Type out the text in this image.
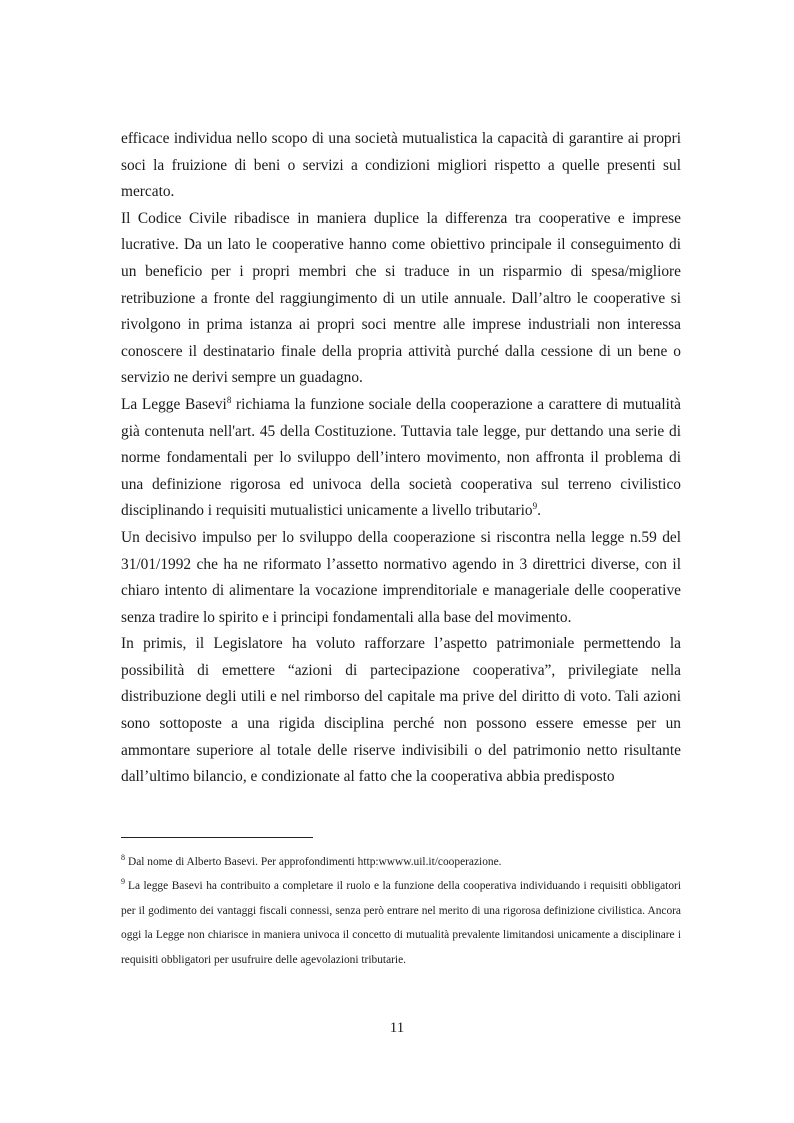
efficace individua nello scopo di una società mutualistica la capacità di garantire ai propri soci la fruizione di beni o servizi a condizioni migliori rispetto a quelle presenti sul mercato.

Il Codice Civile ribadisce in maniera duplice la differenza tra cooperative e imprese lucrative. Da un lato le cooperative hanno come obiettivo principale il conseguimento di un beneficio per i propri membri che si traduce in un risparmio di spesa/migliore retribuzione a fronte del raggiungimento di un utile annuale. Dall’altro le cooperative si rivolgono in prima istanza ai propri soci mentre alle imprese industriali non interessa conoscere il destinatario finale della propria attività purché dalla cessione di un bene o servizio ne derivi sempre un guadagno.

La Legge Basevi$^8$ richiama la funzione sociale della cooperazione a carattere di mutualità già contenuta nell'art. 45 della Costituzione. Tuttavia tale legge, pur dettando una serie di norme fondamentali per lo sviluppo dell’intero movimento, non affronta il problema di una definizione rigorosa ed univoca della società cooperativa sul terreno civilistico disciplinando i requisiti mutualistici unicamente a livello tributario$^9$.

Un decisivo impulso per lo sviluppo della cooperazione si riscontra nella legge n.59 del 31/01/1992 che ha ne riformato l’assetto normativo agendo in 3 direttrici diverse, con il chiaro intento di alimentare la vocazione imprenditoriale e manageriale delle cooperative senza tradire lo spirito e i principi fondamentali alla base del movimento.

In primis, il Legislatore ha voluto rafforzare l’aspetto patrimoniale permettendo la possibilità di emettere “azioni di partecipazione cooperativa”, privilegiate nella distribuzione degli utili e nel rimborso del capitale ma prive del diritto di voto. Tali azioni sono sottoposte a una rigida disciplina perché non possono essere emesse per un ammontare superiore al totale delle riserve indivisibili o del patrimonio netto risultante dall’ultimo bilancio, e condizionate al fatto che la cooperativa abbia predisposto

$^8$ Dal nome di Alberto Basevi. Per approfondimenti http:wwww.uil.it/cooperazione.

$^9$ La legge Basevi ha contribuito a completare il ruolo e la funzione della cooperativa individuando i requisiti obbligatori per il godimento dei vantaggi fiscali connessi, senza però entrare nel merito di una rigorosa definizione civilistica. Ancora oggi la Legge non chiarisce in maniera univoca il concetto di mutualità prevalente limitandosi unicamente a disciplinare i requisiti obbligatori per usufruire delle agevolazioni tributarie.

11
